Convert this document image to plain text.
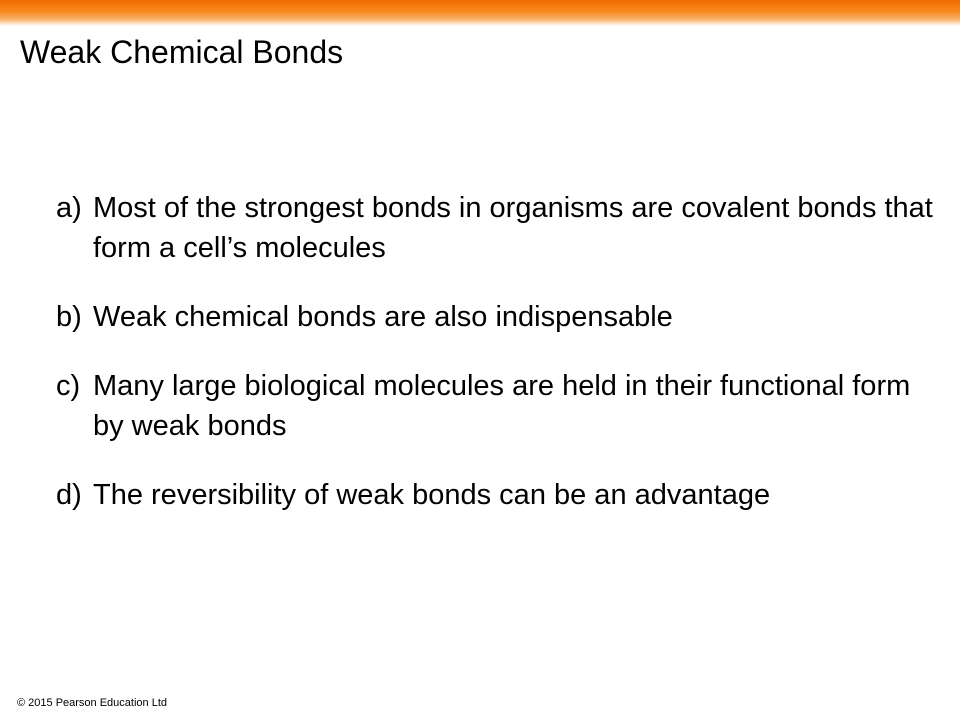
Weak Chemical Bonds
a) Most of the strongest bonds in organisms are covalent bonds that form a cell’s molecules
b) Weak chemical bonds are also indispensable
c) Many large biological molecules are held in their functional form by weak bonds
d) The reversibility of weak bonds can be an advantage
© 2015 Pearson Education Ltd
